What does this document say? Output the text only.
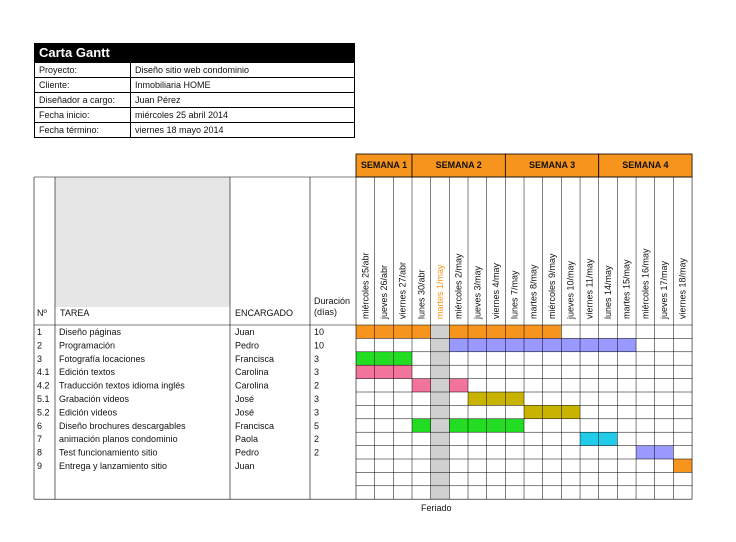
Carta Gantt
Proyecto:	Diseño sitio web condominio
Cliente:	Inmobiliaria HOME
Diseñador a cargo:	Juan Pérez
Fecha inicio:	miércoles 25 abril 2014
Fecha término:	viernes 18 mayo 2014
SEMANA 1	SEMANA 2	SEMANA 3	SEMANA 4
miércoles 25/abr jueves 26/abr viernes 27/abr lunes 30/abr martes 1/may miércoles 2/may jueves 3/may viernes 4/may lunes 7/may martes 8/may miércoles 9/may jueves 10/may viernes 11/may lunes 14/may martes 15/may miércoles 16/may jueves 17/may viernes 18/may
Nº TAREA	ENCARGADO
Duración
(días)
1 Diseño páginas	Juan	10
2 Programación	Pedro	10
3 Fotografía locaciones	Francisca	3
4.1 Edición textos	Carolina	3
4.2 Traducción textos idioma inglés	Carolina	2
5.1 Grabación videos	José	3
5.2 Edición videos	José	3
6 Diseño brochures descargables	Francisca	5
7 animación planos condominio	Paola	2
8 Test funcionamiento sitio	Pedro	2
9 Entrega y lanzamiento sitio	Juan
Feriado
